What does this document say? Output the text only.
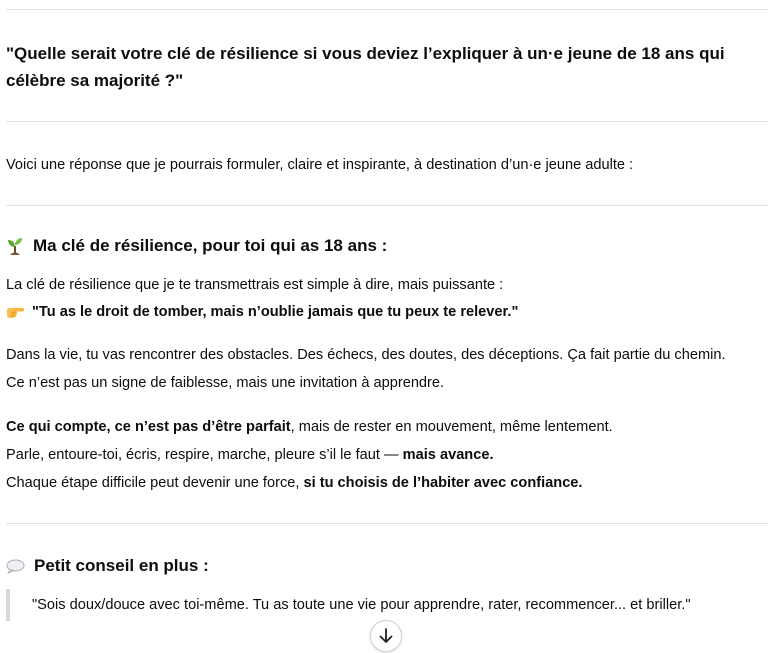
"Quelle serait votre clé de résilience si vous deviez l’expliquer à un·e jeune de 18 ans qui célèbre sa majorité ?"
Voici une réponse que je pourrais formuler, claire et inspirante, à destination d’un·e jeune adulte :
Ma clé de résilience, pour toi qui as 18 ans :
La clé de résilience que je te transmettrais est simple à dire, mais puissante :
"Tu as le droit de tomber, mais n’oublie jamais que tu peux te relever."
Dans la vie, tu vas rencontrer des obstacles. Des échecs, des doutes, des déceptions. Ça fait partie du chemin.
Ce n’est pas un signe de faiblesse, mais une invitation à apprendre.
Ce qui compte, ce n’est pas d’être parfait, mais de rester en mouvement, même lentement.
Parle, entoure-toi, écris, respire, marche, pleure s’il le faut — mais avance.
Chaque étape difficile peut devenir une force, si tu choisis de l’habiter avec confiance.
Petit conseil en plus :
"Sois doux/douce avec toi-même. Tu as toute une vie pour apprendre, rater, recommencer... et briller."
